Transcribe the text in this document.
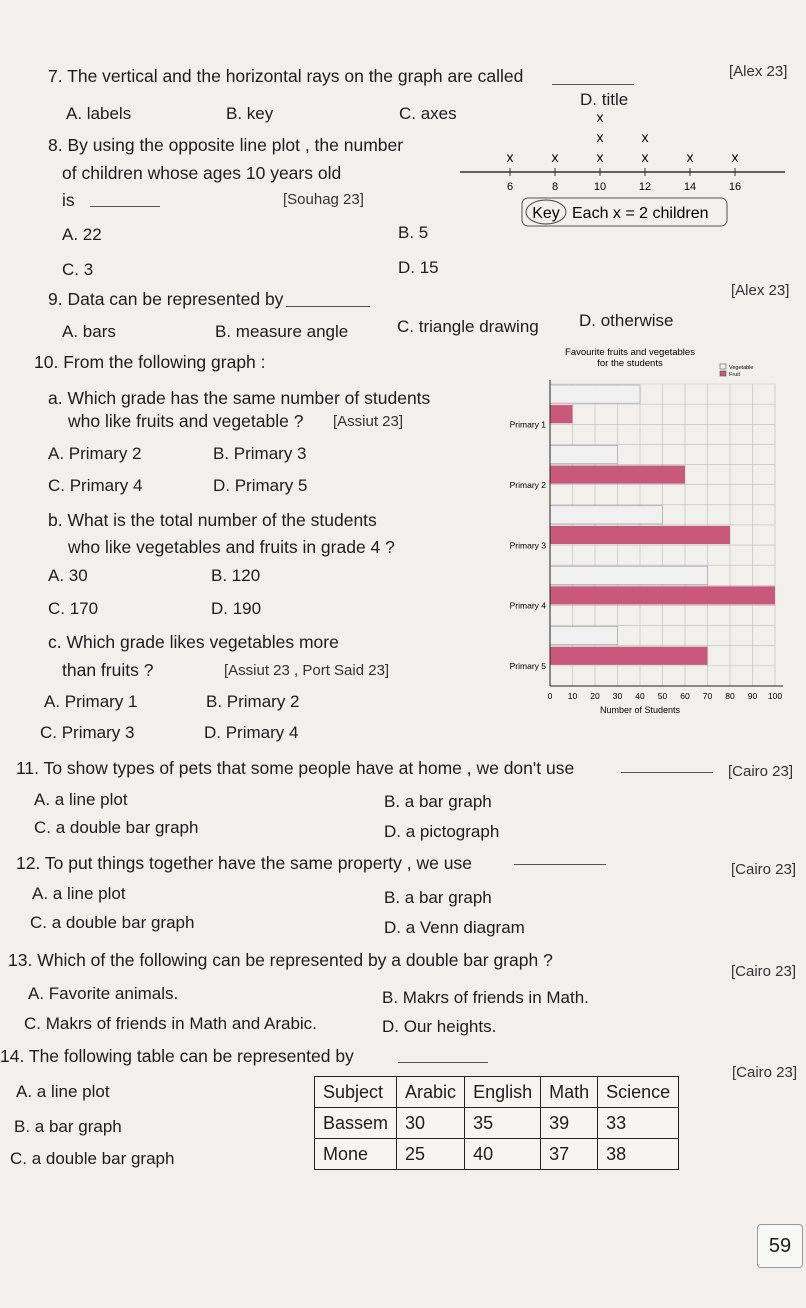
7. The vertical and the horizontal rays on the graph are called	[Alex 23]
A. labels	B. key	C. axes
D. title
8. By using the opposite line plot , the number
of children whose ages 10 years old
is	[Souhag 23]
A. 22	B. 5
C. 3	D. 15
x	x	x
x
x
x
x
x	x
6	8	10	12	14	16
Key Each x = 2 children
9. Data can be represented by	[Alex 23]
A. bars	B. measure angle	C. triangle drawing D. otherwise
10. From the following graph :
a. Which grade has the same number of students
who like fruits and vegetable ? [Assiut 23]
A. Primary 2	B. Primary 3
C. Primary 4	D. Primary 5
b. What is the total number of the students
who like vegetables and fruits in grade 4 ?
A. 30	B. 120
C. 170	D. 190
c. Which grade likes vegetables more
than fruits ?	[Assiut 23 , Port Said 23]
A. Primary 1	B. Primary 2
C. Primary 3	D. Primary 4
Favourite fruits and vegetables
for the students	Vegetable
Fruit
Primary 1
Primary 2
Primary 3
Primary 4
Primary 5
0 10 20 30 40 50 60 70 80 90 100
Number of Students
11. To show types of pets that some people have at home , we don't use	[Cairo 23]
A. a line plot	B. a bar graph
C. a double bar graph	D. a pictograph
12. To put things together have the same property , we use	[Cairo 23]
A. a line plot	B. a bar graph
C. a double bar graph	D. a Venn diagram
13. Which of the following can be represented by a double bar graph ?
[Cairo 23]
A. Favorite animals.	B. Makrs of friends in Math.
C. Makrs of friends in Math and Arabic.	D. Our heights.
14. The following table can be represented by
[Cairo 23]
A. a line plot
B. a bar graph
C. a double bar graph
Subject	Arabic	English	Math	Science
Bassem	30	35	39	33
Mone	25	40	37	38
59
